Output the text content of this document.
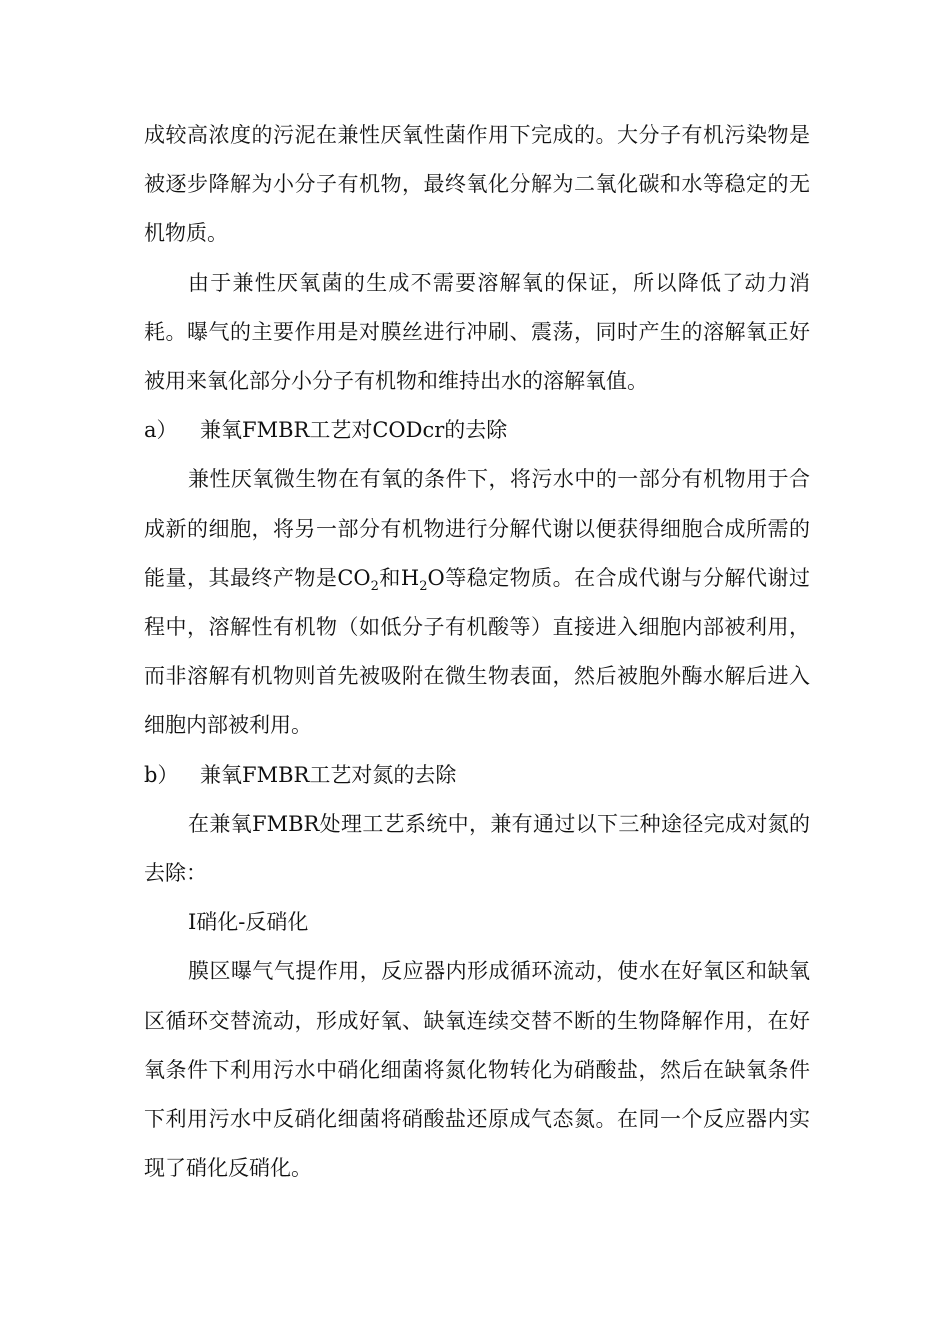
成较高浓度的污泥在兼性厌氧性菌作用下完成的。大分子有机污染物是被逐步降解为小分子有机物，最终氧化分解为二氧化碳和水等稳定的无机物质。

由于兼性厌氧菌的生成不需要溶解氧的保证，所以降低了动力消耗。曝气的主要作用是对膜丝进行冲刷、震荡，同时产生的溶解氧正好被用来氧化部分小分子有机物和维持出水的溶解氧值。

a） 兼氧FMBR工艺对CODcr的去除

兼性厌氧微生物在有氧的条件下，将污水中的一部分有机物用于合成新的细胞，将另一部分有机物进行分解代谢以便获得细胞合成所需的能量，其最终产物是$CO_2$和$H_2O$等稳定物质。在合成代谢与分解代谢过程中，溶解性有机物（如低分子有机酸等）直接进入细胞内部被利用，而非溶解有机物则首先被吸附在微生物表面，然后被胞外酶水解后进入细胞内部被利用。

b） 兼氧FMBR工艺对氮的去除

在兼氧FMBR处理工艺系统中，兼有通过以下三种途径完成对氮的去除：

I硝化-反硝化

膜区曝气气提作用，反应器内形成循环流动，使水在好氧区和缺氧区循环交替流动，形成好氧、缺氧连续交替不断的生物降解作用，在好氧条件下利用污水中硝化细菌将氮化物转化为硝酸盐，然后在缺氧条件下利用污水中反硝化细菌将硝酸盐还原成气态氮。在同一个反应器内实现了硝化反硝化。
